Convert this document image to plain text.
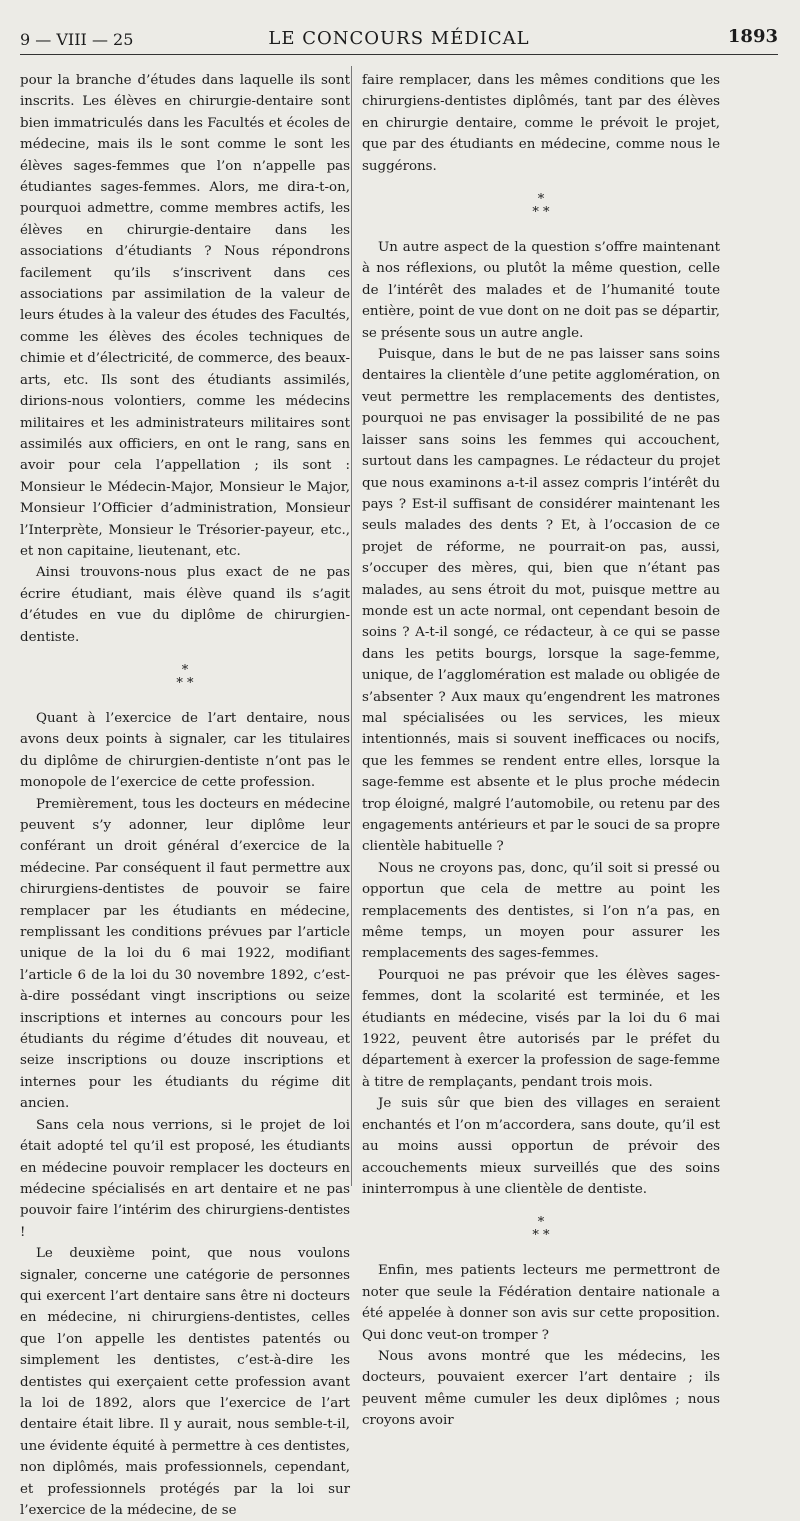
9 — VIII — 25	LE CONCOURS MÉDICAL	1893

pour la branche d’études dans laquelle ils sont inscrits. Les élèves en chirurgie-dentaire sont bien immatriculés dans les Facultés et écoles de médecine, mais ils le sont comme le sont les élèves sages-femmes que l’on n’appelle pas étudiantes sages-femmes. Alors, me dira-t-on, pourquoi admettre, comme membres actifs, les élèves en chirurgie-dentaire dans les associations d’étudiants ? Nous répondrons facilement qu’ils s’inscrivent dans ces associations par assimilation de la valeur de leurs études à la valeur des études des Facultés, comme les élèves des écoles techniques de chimie et d’électricité, de commerce, des beaux-arts, etc. Ils sont des étudiants assimilés, dirions-nous volontiers, comme les médecins militaires et les administrateurs militaires sont assimilés aux officiers, en ont le rang, sans en avoir pour cela l’appellation ; ils sont : Monsieur le Médecin-Major, Monsieur le Major, Monsieur l’Officier d’administration, Monsieur l’Interprète, Monsieur le Trésorier-payeur, etc., et non capitaine, lieutenant, etc.

Ainsi trouvons-nous plus exact de ne pas écrire étudiant, mais élève quand ils s’agit d’études en vue du diplôme de chirurgien-dentiste.

*
* *

Quant à l’exercice de l’art dentaire, nous avons deux points à signaler, car les titulaires du diplôme de chirurgien-dentiste n’ont pas le monopole de l’exercice de cette profession.

Premièrement, tous les docteurs en médecine peuvent s’y adonner, leur diplôme leur conférant un droit général d’exercice de la médecine. Par conséquent il faut permettre aux chirurgiens-dentistes de pouvoir se faire remplacer par les étudiants en médecine, remplissant les conditions prévues par l’article unique de la loi du 6 mai 1922, modifiant l’article 6 de la loi du 30 novembre 1892, c’est-à-dire possédant vingt inscriptions ou seize inscriptions et internes au concours pour les étudiants du régime d’études dit nouveau, et seize inscriptions ou douze inscriptions et internes pour les étudiants du régime dit ancien.

Sans cela nous verrions, si le projet de loi était adopté tel qu’il est proposé, les étudiants en médecine pouvoir remplacer les docteurs en médecine spécialisés en art dentaire et ne pas pouvoir faire l’intérim des chirurgiens-dentistes !

Le deuxième point, que nous voulons signaler, concerne une catégorie de personnes qui exercent l’art dentaire sans être ni docteurs en médecine, ni chirurgiens-dentistes, celles que l’on appelle les dentistes patentés ou simplement les dentistes, c’est-à-dire les dentistes qui exerçaient cette profession avant la loi de 1892, alors que l’exercice de l’art dentaire était libre. Il y aurait, nous semble-t-il, une évidente équité à permettre à ces dentistes, non diplômés, mais professionnels, cependant, et professionnels protégés par la loi sur l’exercice de la médecine, de se

faire remplacer, dans les mêmes conditions que les chirurgiens-dentistes diplômés, tant par des élèves en chirurgie dentaire, comme le prévoit le projet, que par des étudiants en médecine, comme nous le suggérons.

*
* *

Un autre aspect de la question s’offre maintenant à nos réflexions, ou plutôt la même question, celle de l’intérêt des malades et de l’humanité toute entière, point de vue dont on ne doit pas se départir, se présente sous un autre angle.

Puisque, dans le but de ne pas laisser sans soins dentaires la clientèle d’une petite agglomération, on veut permettre les remplacements des dentistes, pourquoi ne pas envisager la possibilité de ne pas laisser sans soins les femmes qui accouchent, surtout dans les campagnes. Le rédacteur du projet que nous examinons a-t-il assez compris l’intérêt du pays ? Est-il suffisant de considérer maintenant les seuls malades des dents ? Et, à l’occasion de ce projet de réforme, ne pourrait-on pas, aussi, s’occuper des mères, qui, bien que n’étant pas malades, au sens étroit du mot, puisque mettre au monde est un acte normal, ont cependant besoin de soins ? A-t-il songé, ce rédacteur, à ce qui se passe dans les petits bourgs, lorsque la sage-femme, unique, de l’agglomération est malade ou obligée de s’absenter ? Aux maux qu’engendrent les matrones mal spécialisées ou les services, les mieux intentionnés, mais si souvent inefficaces ou nocifs, que les femmes se rendent entre elles, lorsque la sage-femme est absente et le plus proche médecin trop éloigné, malgré l’automobile, ou retenu par des engagements antérieurs et par le souci de sa propre clientèle habituelle ?

Nous ne croyons pas, donc, qu’il soit si pressé ou opportun que cela de mettre au point les remplacements des dentistes, si l’on n’a pas, en même temps, un moyen pour assurer les remplacements des sages-femmes.

Pourquoi ne pas prévoir que les élèves sages-femmes, dont la scolarité est terminée, et les étudiants en médecine, visés par la loi du 6 mai 1922, peuvent être autorisés par le préfet du département à exercer la profession de sage-femme à titre de remplaçants, pendant trois mois.

Je suis sûr que bien des villages en seraient enchantés et l’on m’accordera, sans doute, qu’il est au moins aussi opportun de prévoir des accouchements mieux surveillés que des soins ininterrompus à une clientèle de dentiste.

*
* *

Enfin, mes patients lecteurs me permettront de noter que seule la Fédération dentaire nationale a été appelée à donner son avis sur cette proposition. Qui donc veut-on tromper ?

Nous avons montré que les médecins, les docteurs, pouvaient exercer l’art dentaire ; ils peuvent même cumuler les deux diplômes ; nous croyons avoir
